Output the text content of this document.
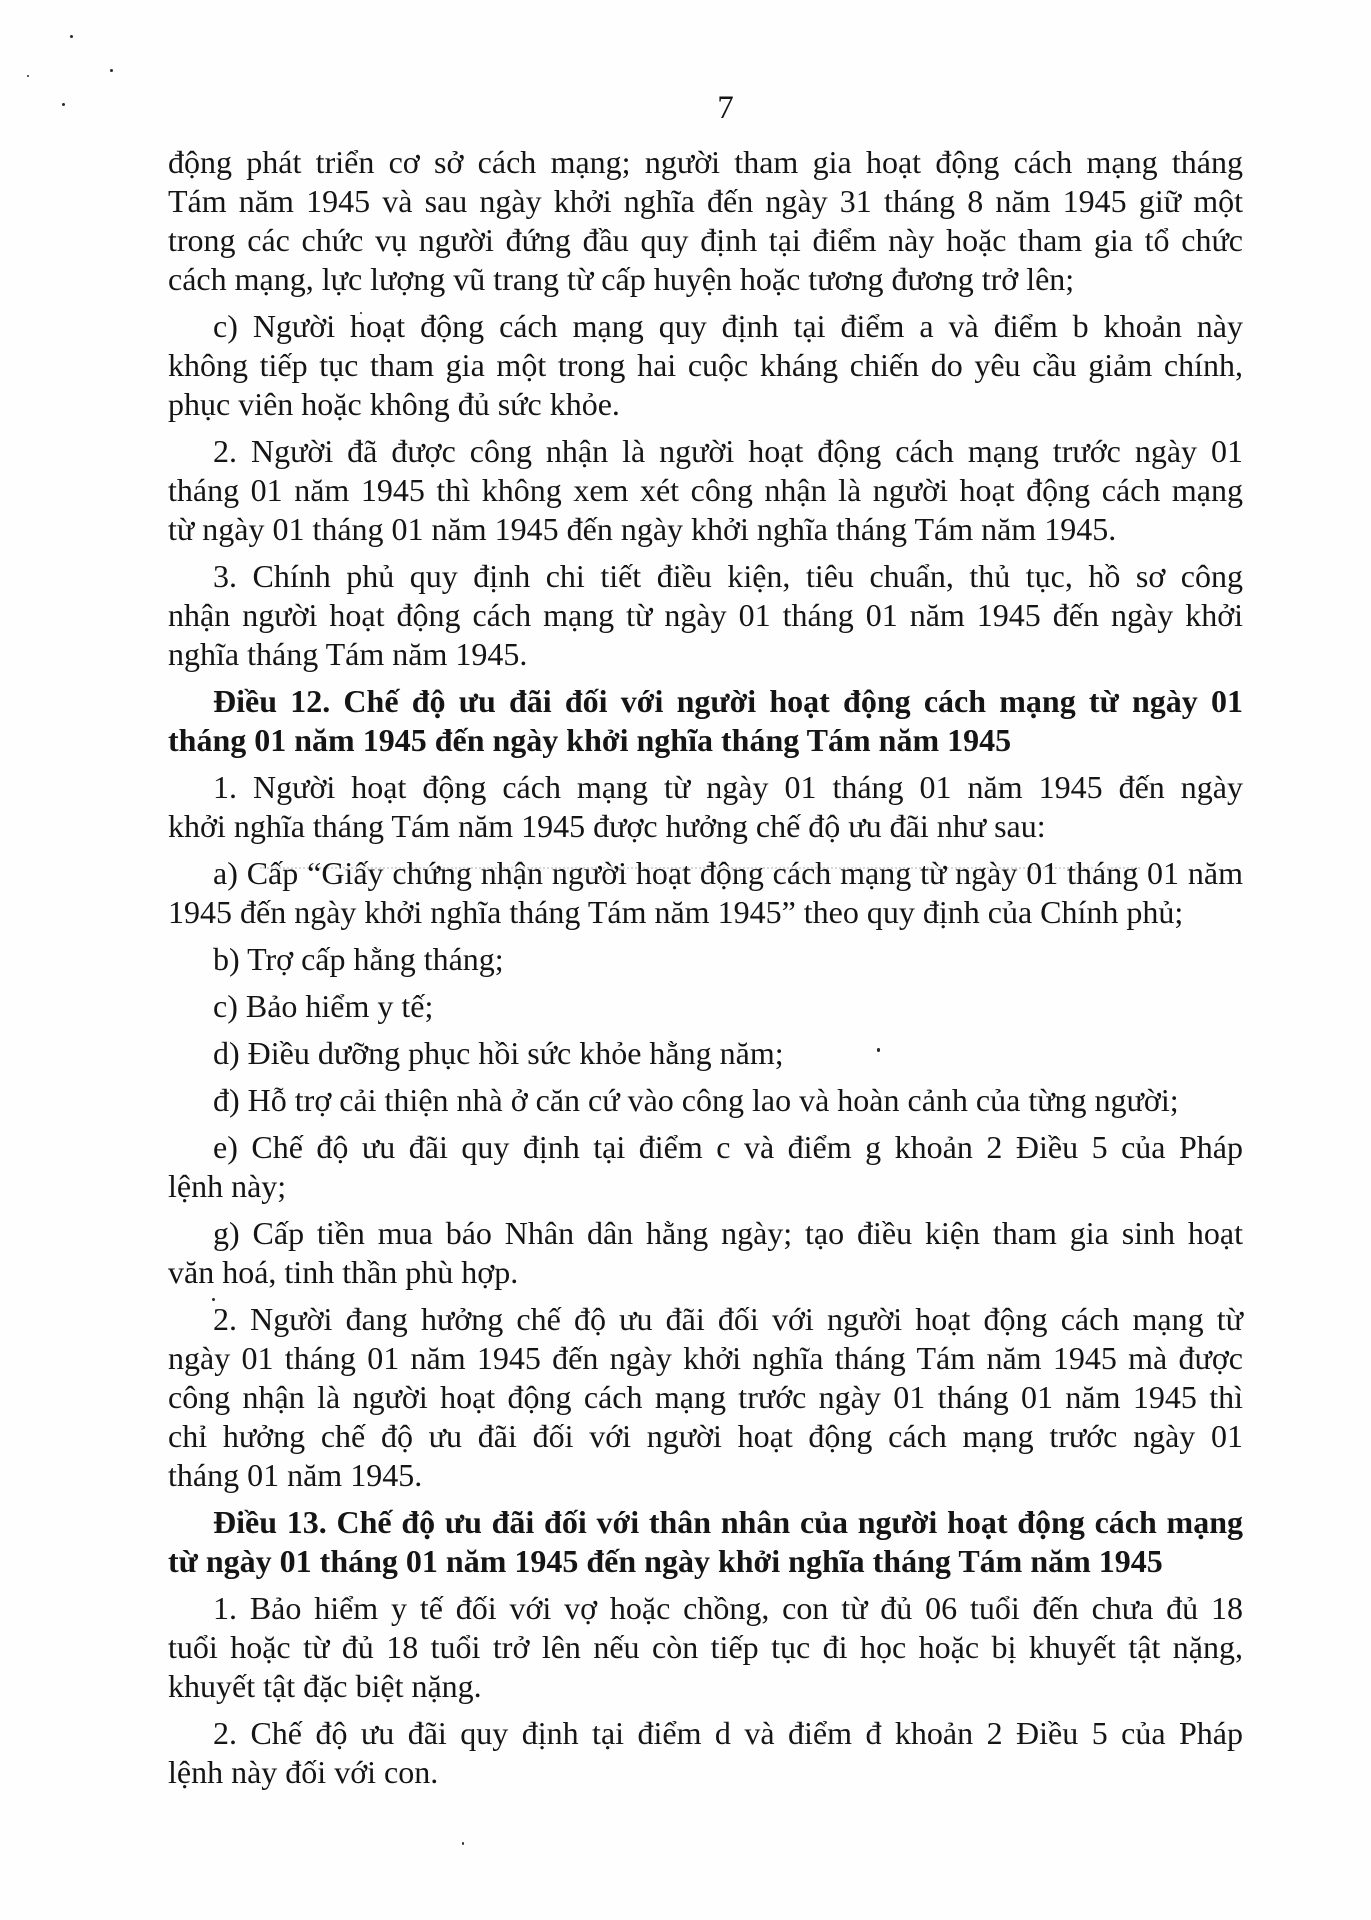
7
động phát triển cơ sở cách mạng; người tham gia hoạt động cách mạng tháng
Tám năm 1945 và sau ngày khởi nghĩa đến ngày 31 tháng 8 năm 1945 giữ một
trong các chức vụ người đứng đầu quy định tại điểm này hoặc tham gia tổ chức
cách mạng, lực lượng vũ trang từ cấp huyện hoặc tương đương trở lên;
c) Người hoạt động cách mạng quy định tại điểm a và điểm b khoản này
không tiếp tục tham gia một trong hai cuộc kháng chiến do yêu cầu giảm chính,
phục viên hoặc không đủ sức khỏe.
2. Người đã được công nhận là người hoạt động cách mạng trước ngày 01
tháng 01 năm 1945 thì không xem xét công nhận là người hoạt động cách mạng
từ ngày 01 tháng 01 năm 1945 đến ngày khởi nghĩa tháng Tám năm 1945.
3. Chính phủ quy định chi tiết điều kiện, tiêu chuẩn, thủ tục, hồ sơ công
nhận người hoạt động cách mạng từ ngày 01 tháng 01 năm 1945 đến ngày khởi
nghĩa tháng Tám năm 1945.
Điều 12. Chế độ ưu đãi đối với người hoạt động cách mạng từ ngày 01
tháng 01 năm 1945 đến ngày khởi nghĩa tháng Tám năm 1945
1. Người hoạt động cách mạng từ ngày 01 tháng 01 năm 1945 đến ngày
khởi nghĩa tháng Tám năm 1945 được hưởng chế độ ưu đãi như sau:
a) Cấp “Giấy chứng nhận người hoạt động cách mạng từ ngày 01 tháng 01 năm
1945 đến ngày khởi nghĩa tháng Tám năm 1945” theo quy định của Chính phủ;
b) Trợ cấp hằng tháng;
c) Bảo hiểm y tế;
d) Điều dưỡng phục hồi sức khỏe hằng năm;
đ) Hỗ trợ cải thiện nhà ở căn cứ vào công lao và hoàn cảnh của từng người;
e) Chế độ ưu đãi quy định tại điểm c và điểm g khoản 2 Điều 5 của Pháp
lệnh này;
g) Cấp tiền mua báo Nhân dân hằng ngày; tạo điều kiện tham gia sinh hoạt
văn hoá, tinh thần phù hợp.
2. Người đang hưởng chế độ ưu đãi đối với người hoạt động cách mạng từ
ngày 01 tháng 01 năm 1945 đến ngày khởi nghĩa tháng Tám năm 1945 mà được
công nhận là người hoạt động cách mạng trước ngày 01 tháng 01 năm 1945 thì
chỉ hưởng chế độ ưu đãi đối với người hoạt động cách mạng trước ngày 01
tháng 01 năm 1945.
Điều 13. Chế độ ưu đãi đối với thân nhân của người hoạt động cách mạng
từ ngày 01 tháng 01 năm 1945 đến ngày khởi nghĩa tháng Tám năm 1945
1. Bảo hiểm y tế đối với vợ hoặc chồng, con từ đủ 06 tuổi đến chưa đủ 18
tuổi hoặc từ đủ 18 tuổi trở lên nếu còn tiếp tục đi học hoặc bị khuyết tật nặng,
khuyết tật đặc biệt nặng.
2. Chế độ ưu đãi quy định tại điểm d và điểm đ khoản 2 Điều 5 của Pháp
lệnh này đối với con.
